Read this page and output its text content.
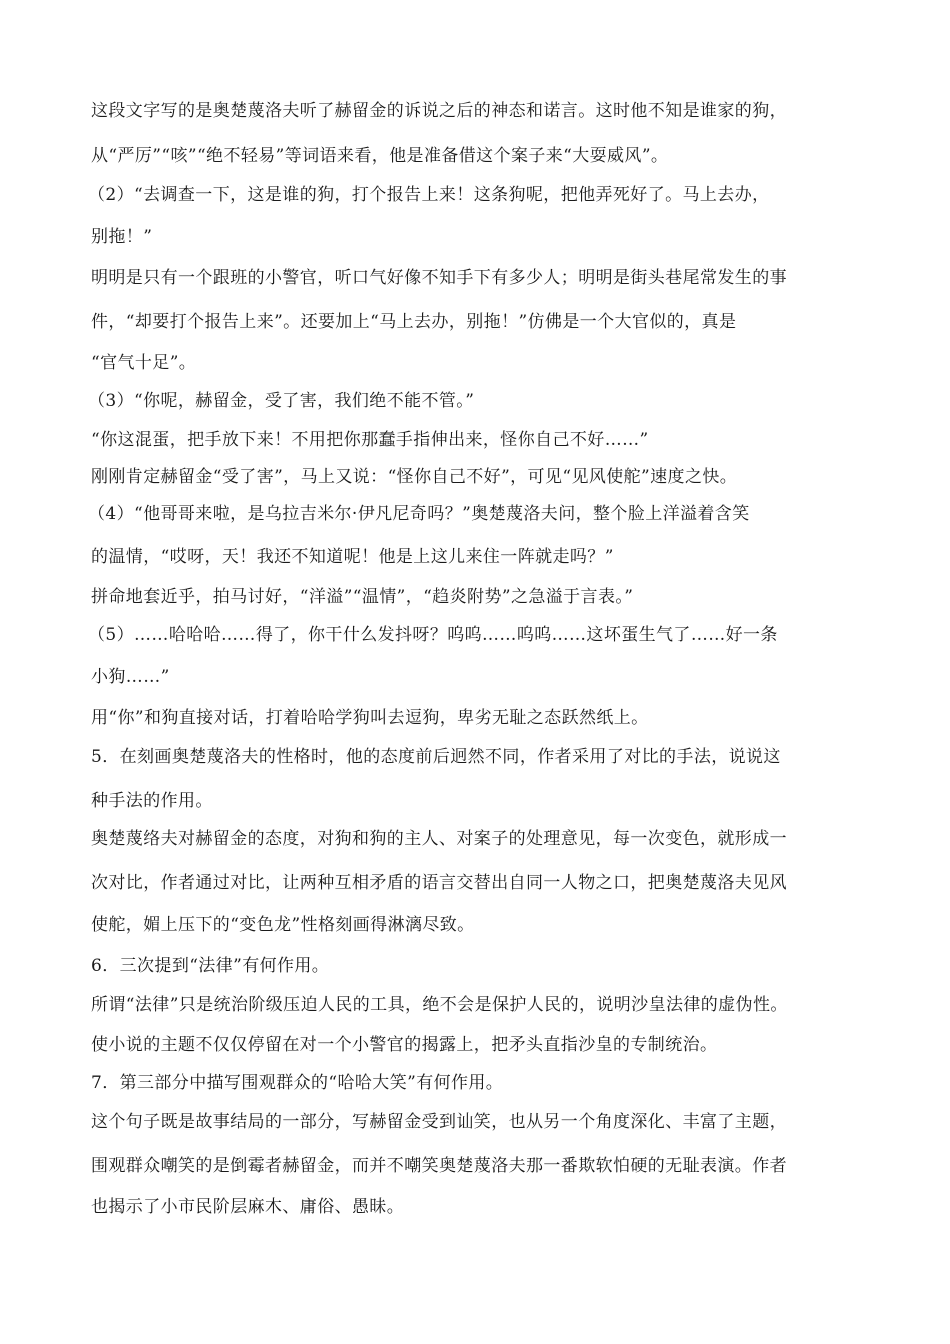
这段文字写的是奥楚蔑洛夫听了赫留金的诉说之后的神态和诺言。这时他不知是谁家的狗，
从“严厉”“咳”“绝不轻易”等词语来看，他是准备借这个案子来“大耍威风”。
（2）“去调查一下，这是谁的狗，打个报告上来！这条狗呢，把他弄死好了。马上去办，
别拖！”
明明是只有一个跟班的小警官，听口气好像不知手下有多少人；明明是街头巷尾常发生的事
件，“却要打个报告上来”。还要加上“马上去办，别拖！”仿佛是一个大官似的，真是
“官气十足”。
（3）“你呢，赫留金，受了害，我们绝不能不管。”
“你这混蛋，把手放下来！不用把你那蠢手指伸出来，怪你自己不好……”
刚刚肯定赫留金“受了害”，马上又说：“怪你自己不好”，可见“见风使舵”速度之快。
（4）“他哥哥来啦，是乌拉吉米尔·伊凡尼奇吗？”奥楚蔑洛夫问，整个脸上洋溢着含笑
的温情，“哎呀，天！我还不知道呢！他是上这儿来住一阵就走吗？”
拼命地套近乎，拍马讨好，“洋溢”“温情”，“趋炎附势”之急溢于言表。”
（5）……哈哈哈……得了，你干什么发抖呀？呜呜……呜呜……这坏蛋生气了……好一条
小狗……”
用“你”和狗直接对话，打着哈哈学狗叫去逗狗，卑劣无耻之态跃然纸上。
5．在刻画奥楚蔑洛夫的性格时，他的态度前后迥然不同，作者采用了对比的手法，说说这
种手法的作用。
奥楚蔑络夫对赫留金的态度，对狗和狗的主人、对案子的处理意见，每一次变色，就形成一
次对比，作者通过对比，让两种互相矛盾的语言交替出自同一人物之口，把奥楚蔑洛夫见风
使舵，媚上压下的“变色龙”性格刻画得淋漓尽致。
6．三次提到“法律”有何作用。
所谓“法律”只是统治阶级压迫人民的工具，绝不会是保护人民的，说明沙皇法律的虚伪性。
使小说的主题不仅仅停留在对一个小警官的揭露上，把矛头直指沙皇的专制统治。
7．第三部分中描写围观群众的“哈哈大笑”有何作用。
这个句子既是故事结局的一部分，写赫留金受到讪笑，也从另一个角度深化、丰富了主题，
围观群众嘲笑的是倒霉者赫留金，而并不嘲笑奥楚蔑洛夫那一番欺软怕硬的无耻表演。作者
也揭示了小市民阶层麻木、庸俗、愚昧。
